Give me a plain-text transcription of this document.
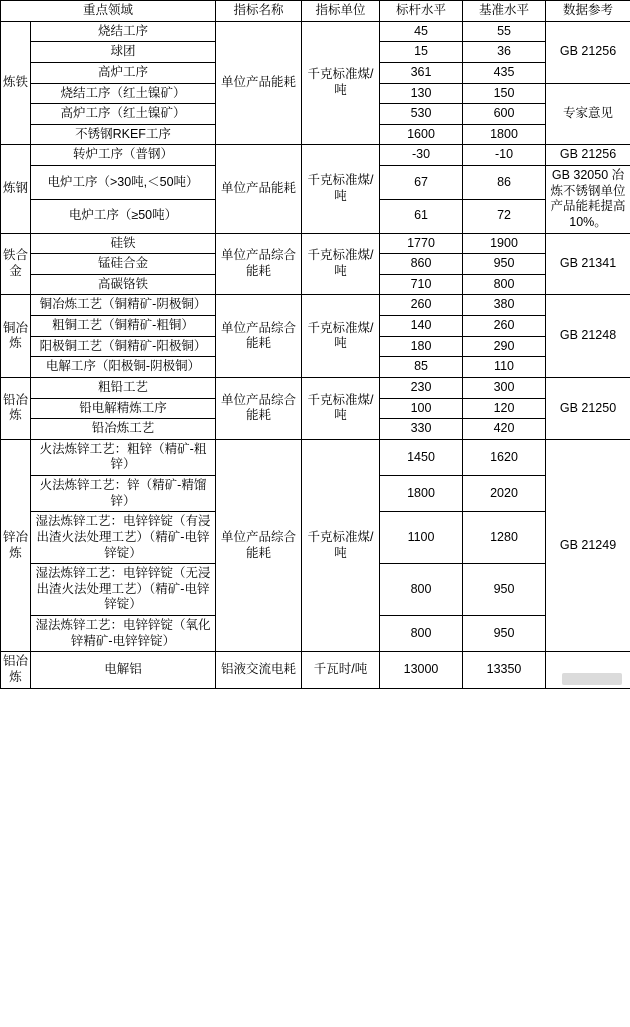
重点领域		指标名称	指标单位	标杆水平	基准水平	数据参考
炼铁	烧结工序	单位产品能耗	千克标准煤/吨	45	55	GB 21256
	球团			15	36	
	高炉工序			361	435	
	烧结工序（红土镍矿）			130	150	专家意见
	高炉工序（红土镍矿）			530	600	
	不锈钢RKEF工序			1600	1800	
炼钢	转炉工序（普钢）	单位产品能耗	千克标准煤/吨	-30	-10	GB 21256
	电炉工序（>30吨,＜50吨）			67	86	GB 32050 冶炼不锈钢单位产品能耗提高10%。
	电炉工序（≥50吨）			61	72	
铁合金	硅铁	单位产品综合能耗	千克标准煤/吨	1770	1900	GB 21341
	锰硅合金			860	950	
	高碳铬铁			710	800	
铜冶炼	铜冶炼工艺（铜精矿-阴极铜）	单位产品综合能耗	千克标准煤/吨	260	380	GB 21248
	粗铜工艺（铜精矿-粗铜）			140	260	
	阳极铜工艺（铜精矿-阳极铜）			180	290	
	电解工序（阳极铜-阴极铜）			85	110	
铅冶炼	粗铅工艺	单位产品综合能耗	千克标准煤/吨	230	300	GB 21250
	铅电解精炼工序			100	120	
	铅冶炼工艺			330	420	
锌冶炼	火法炼锌工艺：粗锌（精矿-粗锌）	单位产品综合能耗	千克标准煤/吨	1450	1620	GB 21249
	火法炼锌工艺：锌（精矿-精馏锌）			1800	2020	
	湿法炼锌工艺：电锌锌锭（有浸出渣火法处理工艺）（精矿-电锌锌锭）			1100	1280	
	湿法炼锌工艺：电锌锌锭（无浸出渣火法处理工艺）（精矿-电锌锌锭）			800	950	
	湿法炼锌工艺：电锌锌锭（氧化锌精矿-电锌锌锭）			800	950	
铝冶炼	电解铝	铝液交流电耗	千瓦时/吨	13000	13350	
